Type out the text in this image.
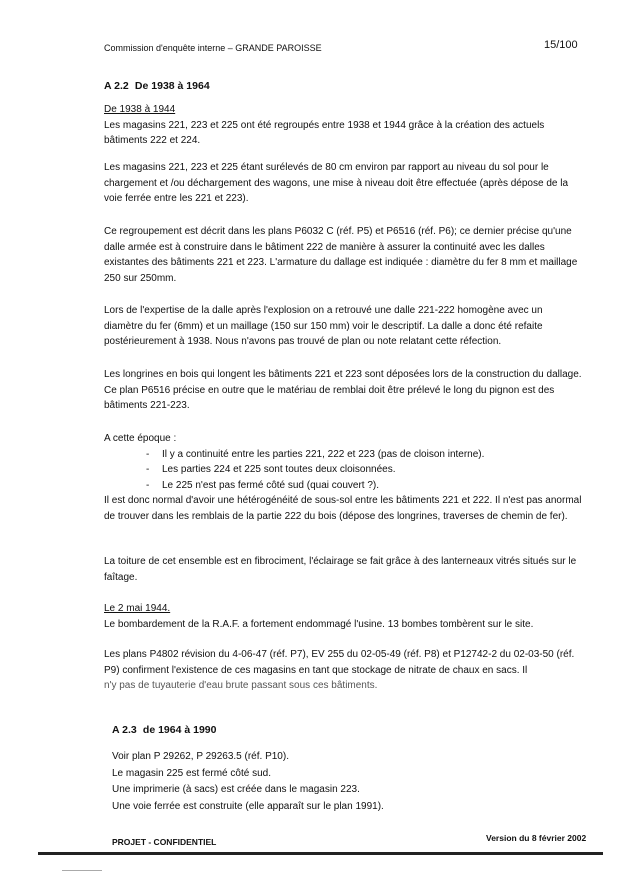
Commission d'enquête interne – GRANDE PAROISSE	15/100
A 2.2 De 1938 à 1964

De 1938 à 1944

Les magasins 221, 223 et 225 ont été regroupés entre 1938 et 1944 grâce à la création des actuels bâtiments 222 et 224.

Les magasins 221, 223 et 225 étant surélevés de 80 cm environ par rapport au niveau du sol pour le chargement et /ou déchargement des wagons, une mise à niveau doit être effectuée (après dépose de la voie ferrée entre les 221 et 223).
Ce regroupement est décrit dans les plans P6032 C (réf. P5) et P6516 (réf. P6); ce dernier précise qu'une dalle armée est à construire dans le bâtiment 222 de manière à assurer la continuité avec les dalles existantes des bâtiments 221 et 223. L'armature du dallage est indiquée : diamètre du fer 8 mm et maillage 250 sur 250mm.
Lors de l'expertise de la dalle après l'explosion on a retrouvé une dalle 221-222 homogène avec un diamètre du fer (6mm) et un maillage (150 sur 150 mm) voir le descriptif. La dalle a donc été refaite postérieurement à 1938. Nous n'avons pas trouvé de plan ou note relatant cette réfection.
Les longrines en bois qui longent les bâtiments 221 et 223 sont déposées lors de la construction du dallage. Ce plan P6516 précise en outre que le matériau de remblai doit être prélevé le long du pignon est des bâtiments 221-223.

A cette époque :

- Il y a continuité entre les parties 221, 222 et 223 (pas de cloison interne).
- Les parties 224 et 225 sont toutes deux cloisonnées.
- Le 225 n'est pas fermé côté sud (quai couvert ?).

Il est donc normal d'avoir une hétérogénéité de sous-sol entre les bâtiments 221 et 222. Il n'est pas anormal de trouver dans les remblais de la partie 222 du bois (dépose des longrines, traverses de chemin de fer).

La toiture de cet ensemble est en fibrociment, l'éclairage se fait grâce à des lanterneaux vitrés situés sur le faîtage.

Le 2 mai 1944.

Le bombardement de la R.A.F. a fortement endommagé l'usine. 13 bombes tombèrent sur le site.

Les plans P4802 révision du 4-06-47 (réf. P7), EV 255 du 02-05-49 (réf. P8) et P12742-2 du 02-03-50 (réf. P9) confirment l'existence de ces magasins en tant que stockage de nitrate de chaux en sacs. Il

n'y pas de tuyauterie d'eau brute passant sous ces bâtiments.

A 2.3 de 1964 à 1990

Voir plan P 29262, P 29263.5 (réf. P10).

Le magasin 225 est fermé côté sud.

Une imprimerie (à sacs) est créée dans le magasin 223.

Une voie ferrée est construite (elle apparaît sur le plan 1991).

PROJET - CONFIDENTIEL	Version du 8 février 2002
